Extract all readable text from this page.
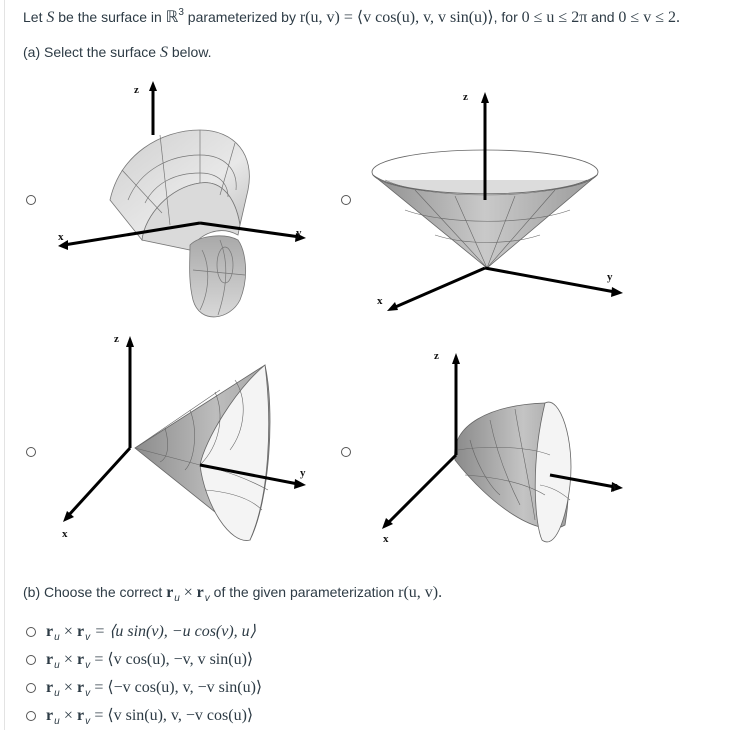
Let S be the surface in ℝ$^3$ parameterized by r(u, v) = ⟨v cos(u), v, v sin(u)⟩, for 0 ≤ u ≤ 2π and 0 ≤ v ≤ 2.
(a) Select the surface S below.
z
x	y
z
x
y
z
x
y
z
x
y
(b) Choose the correct $r_u \times r_v$ of the given parameterization r(u, v).
$r_u \times r_v$ = ⟨u sin(v), −u cos(v), u⟩
$r_u \times r_v$ = ⟨v cos(u), −v, v sin(u)⟩
$r_u \times r_v$ = ⟨−v cos(u), v, −v sin(u)⟩
$r_u \times r_v$ = ⟨v sin(u), v, −v cos(u)⟩
